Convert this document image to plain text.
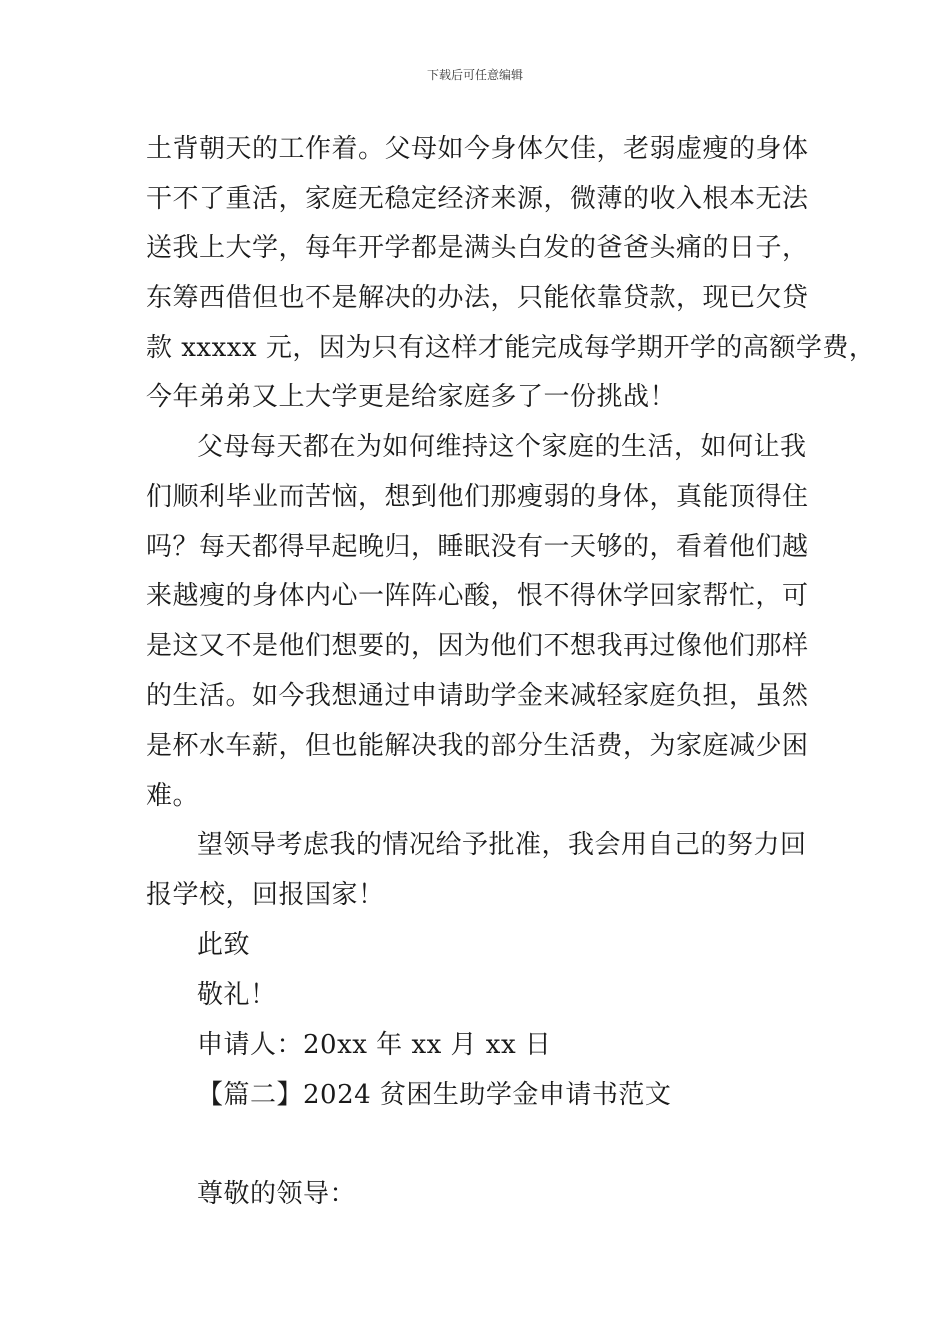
下载后可任意编辑
土背朝天的工作着。父母如今身体欠佳，老弱虚瘦的身体
干不了重活，家庭无稳定经济来源，微薄的收入根本无法
送我上大学，每年开学都是满头白发的爸爸头痛的日子，
东筹西借但也不是解决的办法，只能依靠贷款，现已欠贷
款 xxxxx 元，因为只有这样才能完成每学期开学的高额学费，
今年弟弟又上大学更是给家庭多了一份挑战！
父母每天都在为如何维持这个家庭的生活，如何让我
们顺利毕业而苦恼，想到他们那瘦弱的身体，真能顶得住
吗？每天都得早起晚归，睡眠没有一天够的，看着他们越
来越瘦的身体内心一阵阵心酸，恨不得休学回家帮忙，可
是这又不是他们想要的，因为他们不想我再过像他们那样
的生活。如今我想通过申请助学金来减轻家庭负担，虽然
是杯水车薪，但也能解决我的部分生活费，为家庭减少困
难。
望领导考虑我的情况给予批准，我会用自己的努力回
报学校，回报国家！
此致
敬礼！
申请人：20xx 年 xx 月 xx 日
【篇二】2024 贫困生助学金申请书范文
尊敬的领导：
